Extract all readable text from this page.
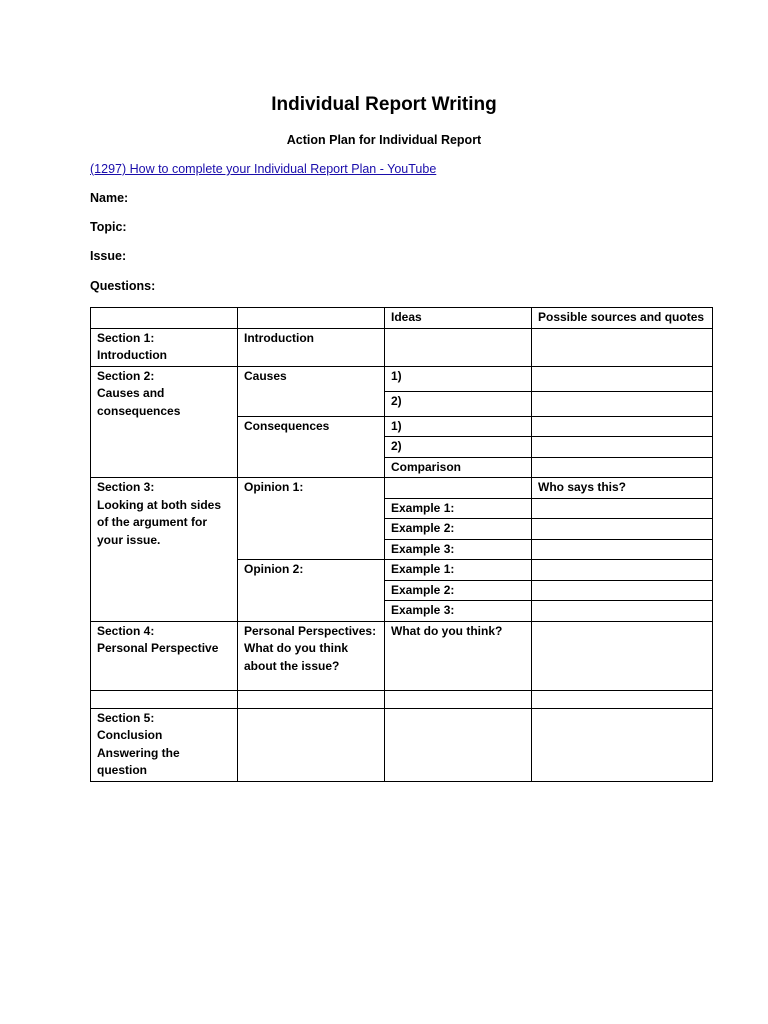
Individual Report Writing
Action Plan for Individual Report
(1297) How to complete your Individual Report Plan - YouTube
Name:
Topic:
Issue:
Questions:
		Ideas	Possible sources and quotes
Section 1:
Introduction	Introduction		
Section 2:
Causes and
consequences	Causes	1)	
		2)	
	Consequences	1)	
		2)	
		Comparison	
Section 3:
Looking at both sides
of the argument for
your issue.	Opinion 1:		Who says this?
		Example 1:	
		Example 2:	
		Example 3:	
	Opinion 2:	Example 1:	
		Example 2:	
		Example 3:	
Section 4:
Personal Perspective	Personal Perspectives:
What do you think
about the issue?	What do you think?	

Section 5:
Conclusion
Answering the
question			
